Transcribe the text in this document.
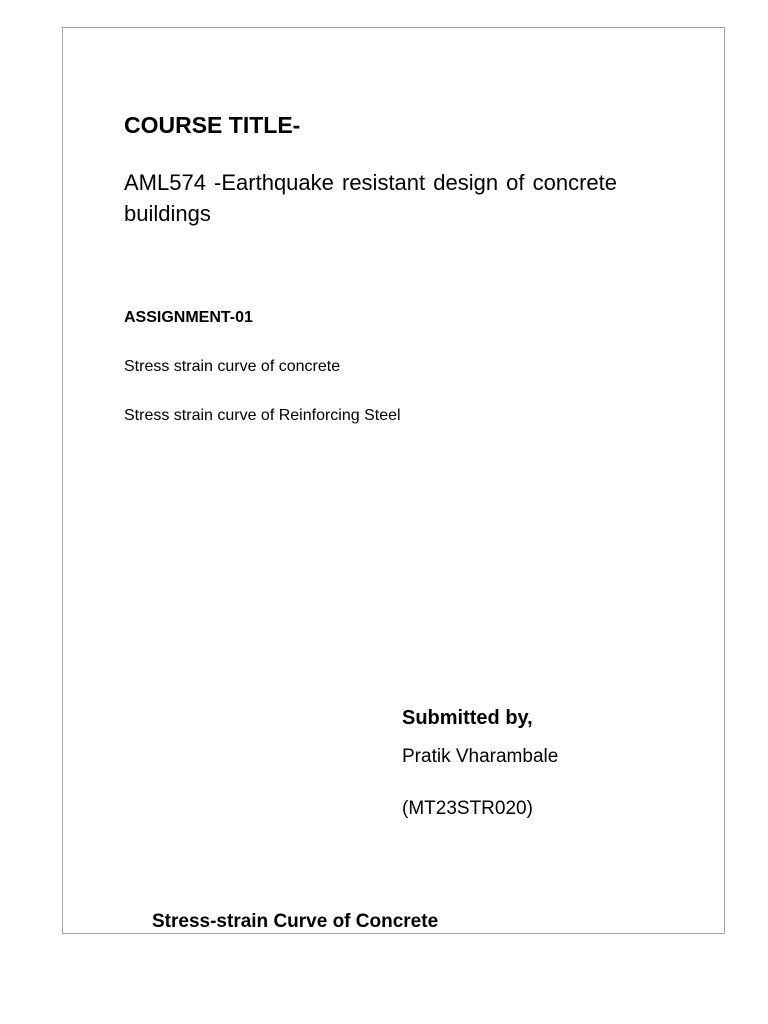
COURSE TITLE-
AML574 -Earthquake resistant design of concrete buildings
ASSIGNMENT-01
Stress strain curve of concrete
Stress strain curve of Reinforcing Steel
Submitted by,
Pratik Vharambale
(MT23STR020)
Stress-strain Curve of Concrete
